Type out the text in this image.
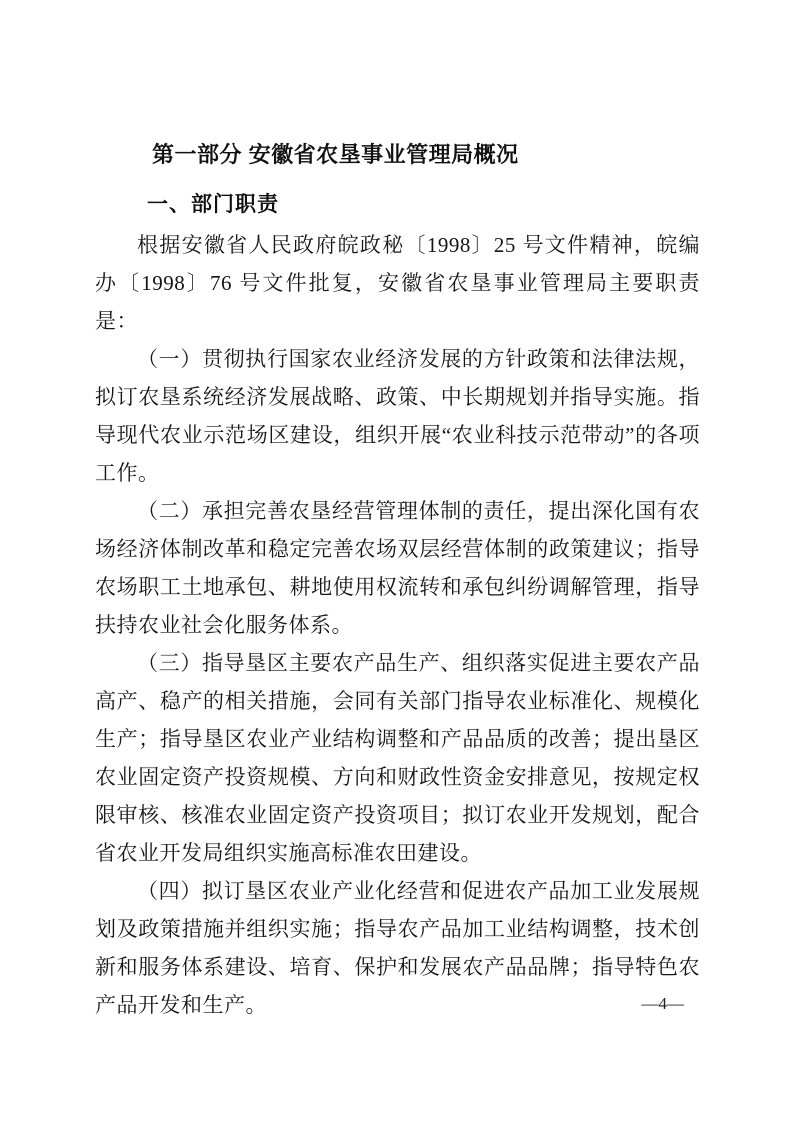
第一部分 安徽省农垦事业管理局概况
一、部门职责

根据安徽省人民政府皖政秘〔1998〕25 号文件精神，皖编办〔1998〕76 号文件批复，安徽省农垦事业管理局主要职责是：

（一）贯彻执行国家农业经济发展的方针政策和法律法规，拟订农垦系统经济发展战略、政策、中长期规划并指导实施。指导现代农业示范场区建设，组织开展“农业科技示范带动”的各项工作。

（二）承担完善农垦经营管理体制的责任，提出深化国有农场经济体制改革和稳定完善农场双层经营体制的政策建议；指导农场职工土地承包、耕地使用权流转和承包纠纷调解管理，指导扶持农业社会化服务体系。

（三）指导垦区主要农产品生产、组织落实促进主要农产品高产、稳产的相关措施，会同有关部门指导农业标准化、规模化生产；指导垦区农业产业结构调整和产品品质的改善；提出垦区农业固定资产投资规模、方向和财政性资金安排意见，按规定权限审核、核准农业固定资产投资项目；拟订农业开发规划，配合省农业开发局组织实施高标准农田建设。

（四）拟订垦区农业产业化经营和促进农产品加工业发展规划及政策措施并组织实施；指导农产品加工业结构调整，技术创新和服务体系建设、培育、保护和发展农产品品牌；指导特色农产品开发和生产。	—4—
